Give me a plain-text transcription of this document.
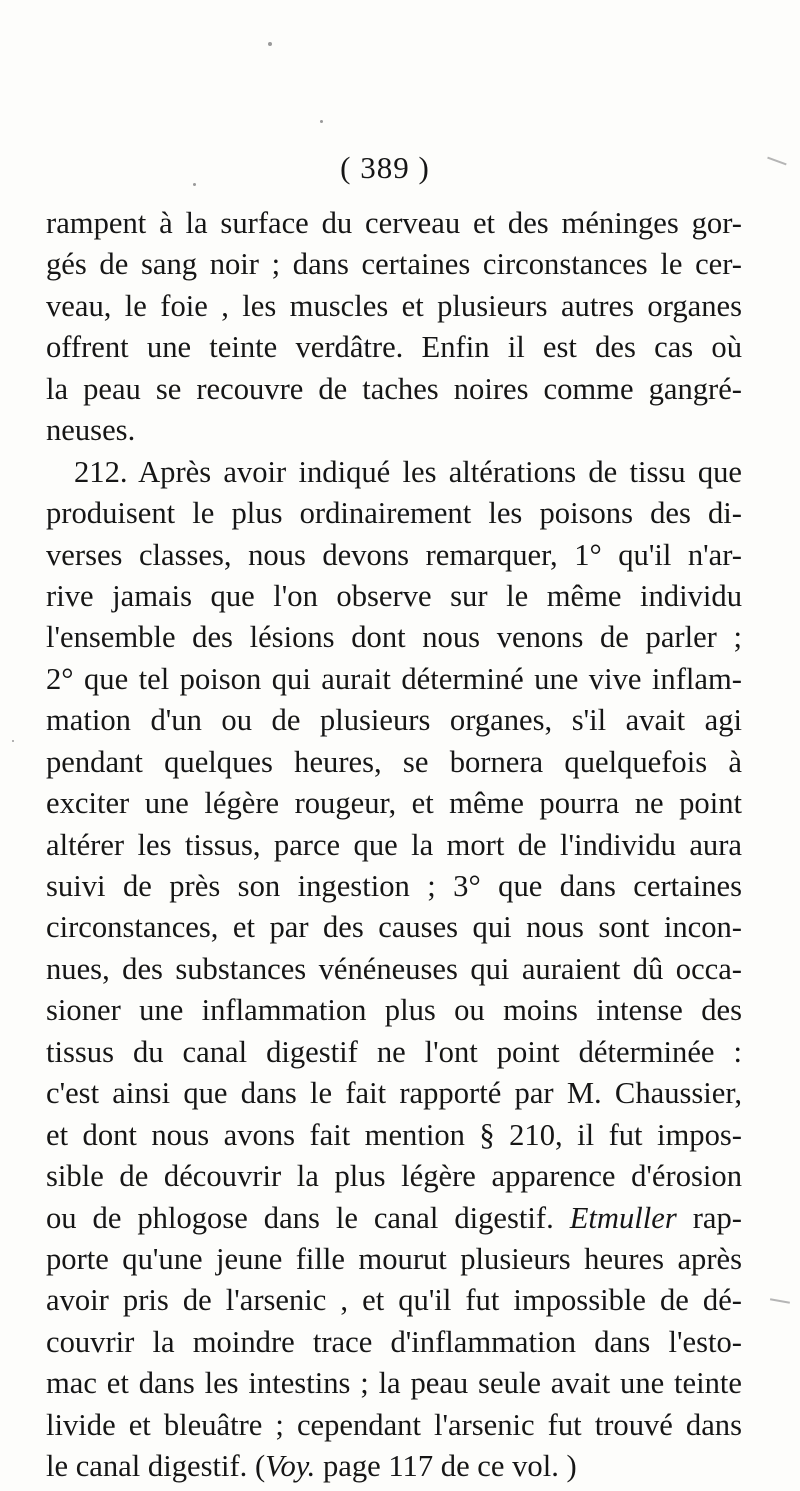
( 389 )
rampent à la surface du cerveau et des méninges gor-
gés de sang noir ; dans certaines circonstances le cer-
veau, le foie , les muscles et plusieurs autres organes
offrent une teinte verdâtre. Enfin il est des cas où
la peau se recouvre de taches noires comme gangré-
neuses.
212. Après avoir indiqué les altérations de tissu que
produisent le plus ordinairement les poisons des di-
verses classes, nous devons remarquer, 1° qu'il n'ar-
rive jamais que l'on observe sur le même individu
l'ensemble des lésions dont nous venons de parler ;
2° que tel poison qui aurait déterminé une vive inflam-
mation d'un ou de plusieurs organes, s'il avait agi
pendant quelques heures, se bornera quelquefois à
exciter une légère rougeur, et même pourra ne point
altérer les tissus, parce que la mort de l'individu aura
suivi de près son ingestion ; 3° que dans certaines
circonstances, et par des causes qui nous sont incon-
nues, des substances vénéneuses qui auraient dû occa-
sioner une inflammation plus ou moins intense des
tissus du canal digestif ne l'ont point déterminée :
c'est ainsi que dans le fait rapporté par M. Chaussier,
et dont nous avons fait mention § 210, il fut impos-
sible de découvrir la plus légère apparence d'érosion
ou de phlogose dans le canal digestif. Etmuller rap-
porte qu'une jeune fille mourut plusieurs heures après
avoir pris de l'arsenic , et qu'il fut impossible de dé-
couvrir la moindre trace d'inflammation dans l'esto-
mac et dans les intestins ; la peau seule avait une teinte
livide et bleuâtre ; cependant l'arsenic fut trouvé dans
le canal digestif. (Voy. page 117 de ce vol. )
